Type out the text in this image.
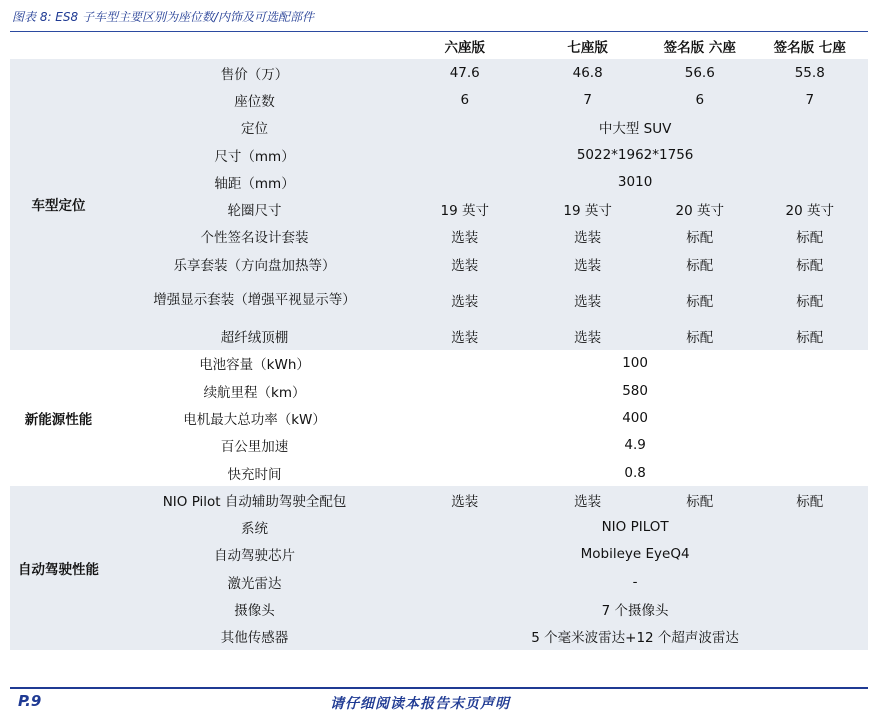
图表 8: ES8 子车型主要区别为座位数/内饰及可选配部件
		六座版	七座版	签名版 六座	签名版 七座
车型定位	售价（万）	47.6	46.8	56.6	55.8
	座位数	6	7	6	7
	定位	中大型 SUV			
	尺寸（mm）	5022*1962*1756			
	轴距（mm）	3010			
	轮圈尺寸	19 英寸	19 英寸	20 英寸	20 英寸
	个性签名设计套装	选装	选装	标配	标配
	乐享套装（方向盘加热等）	选装	选装	标配	标配
	增强显示套装（增强平视显示等）	选装	选装	标配	标配
	超纤绒顶棚	选装	选装	标配	标配
新能源性能	电池容量（kWh）	100			
	续航里程（km）	580			
	电机最大总功率（kW）	400			
	百公里加速	4.9			
	快充时间	0.8			
自动驾驶性能	NIO Pilot 自动辅助驾驶全配包	选装	选装	标配	标配
	系统	NIO PILOT			
	自动驾驶芯片	Mobileye EyeQ4			
	激光雷达	-			
	摄像头	7 个摄像头			
	其他传感器	5 个毫米波雷达+12 个超声波雷达			
P.9	请仔细阅读本报告末页声明
